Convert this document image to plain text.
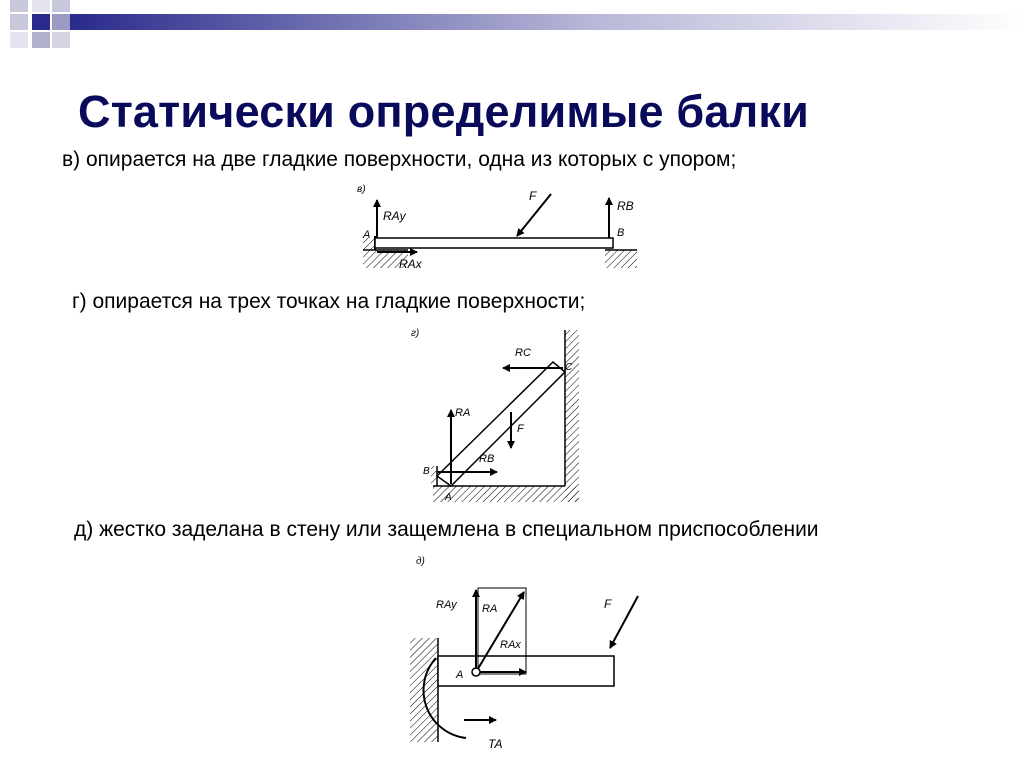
Статически определимые балки

в) опирается на две гладкие поверхности, одна из которых с упором;

в)
A	B
RAy
RAx
RB
F

г) опирается на трех точках на гладкие поверхности;

г)
A
B
C
RA
RB
RC
F

д) жестко заделана в стену или защемлена в специальном приспособлении

д)
A
RAy RA
RAx
F
TA
